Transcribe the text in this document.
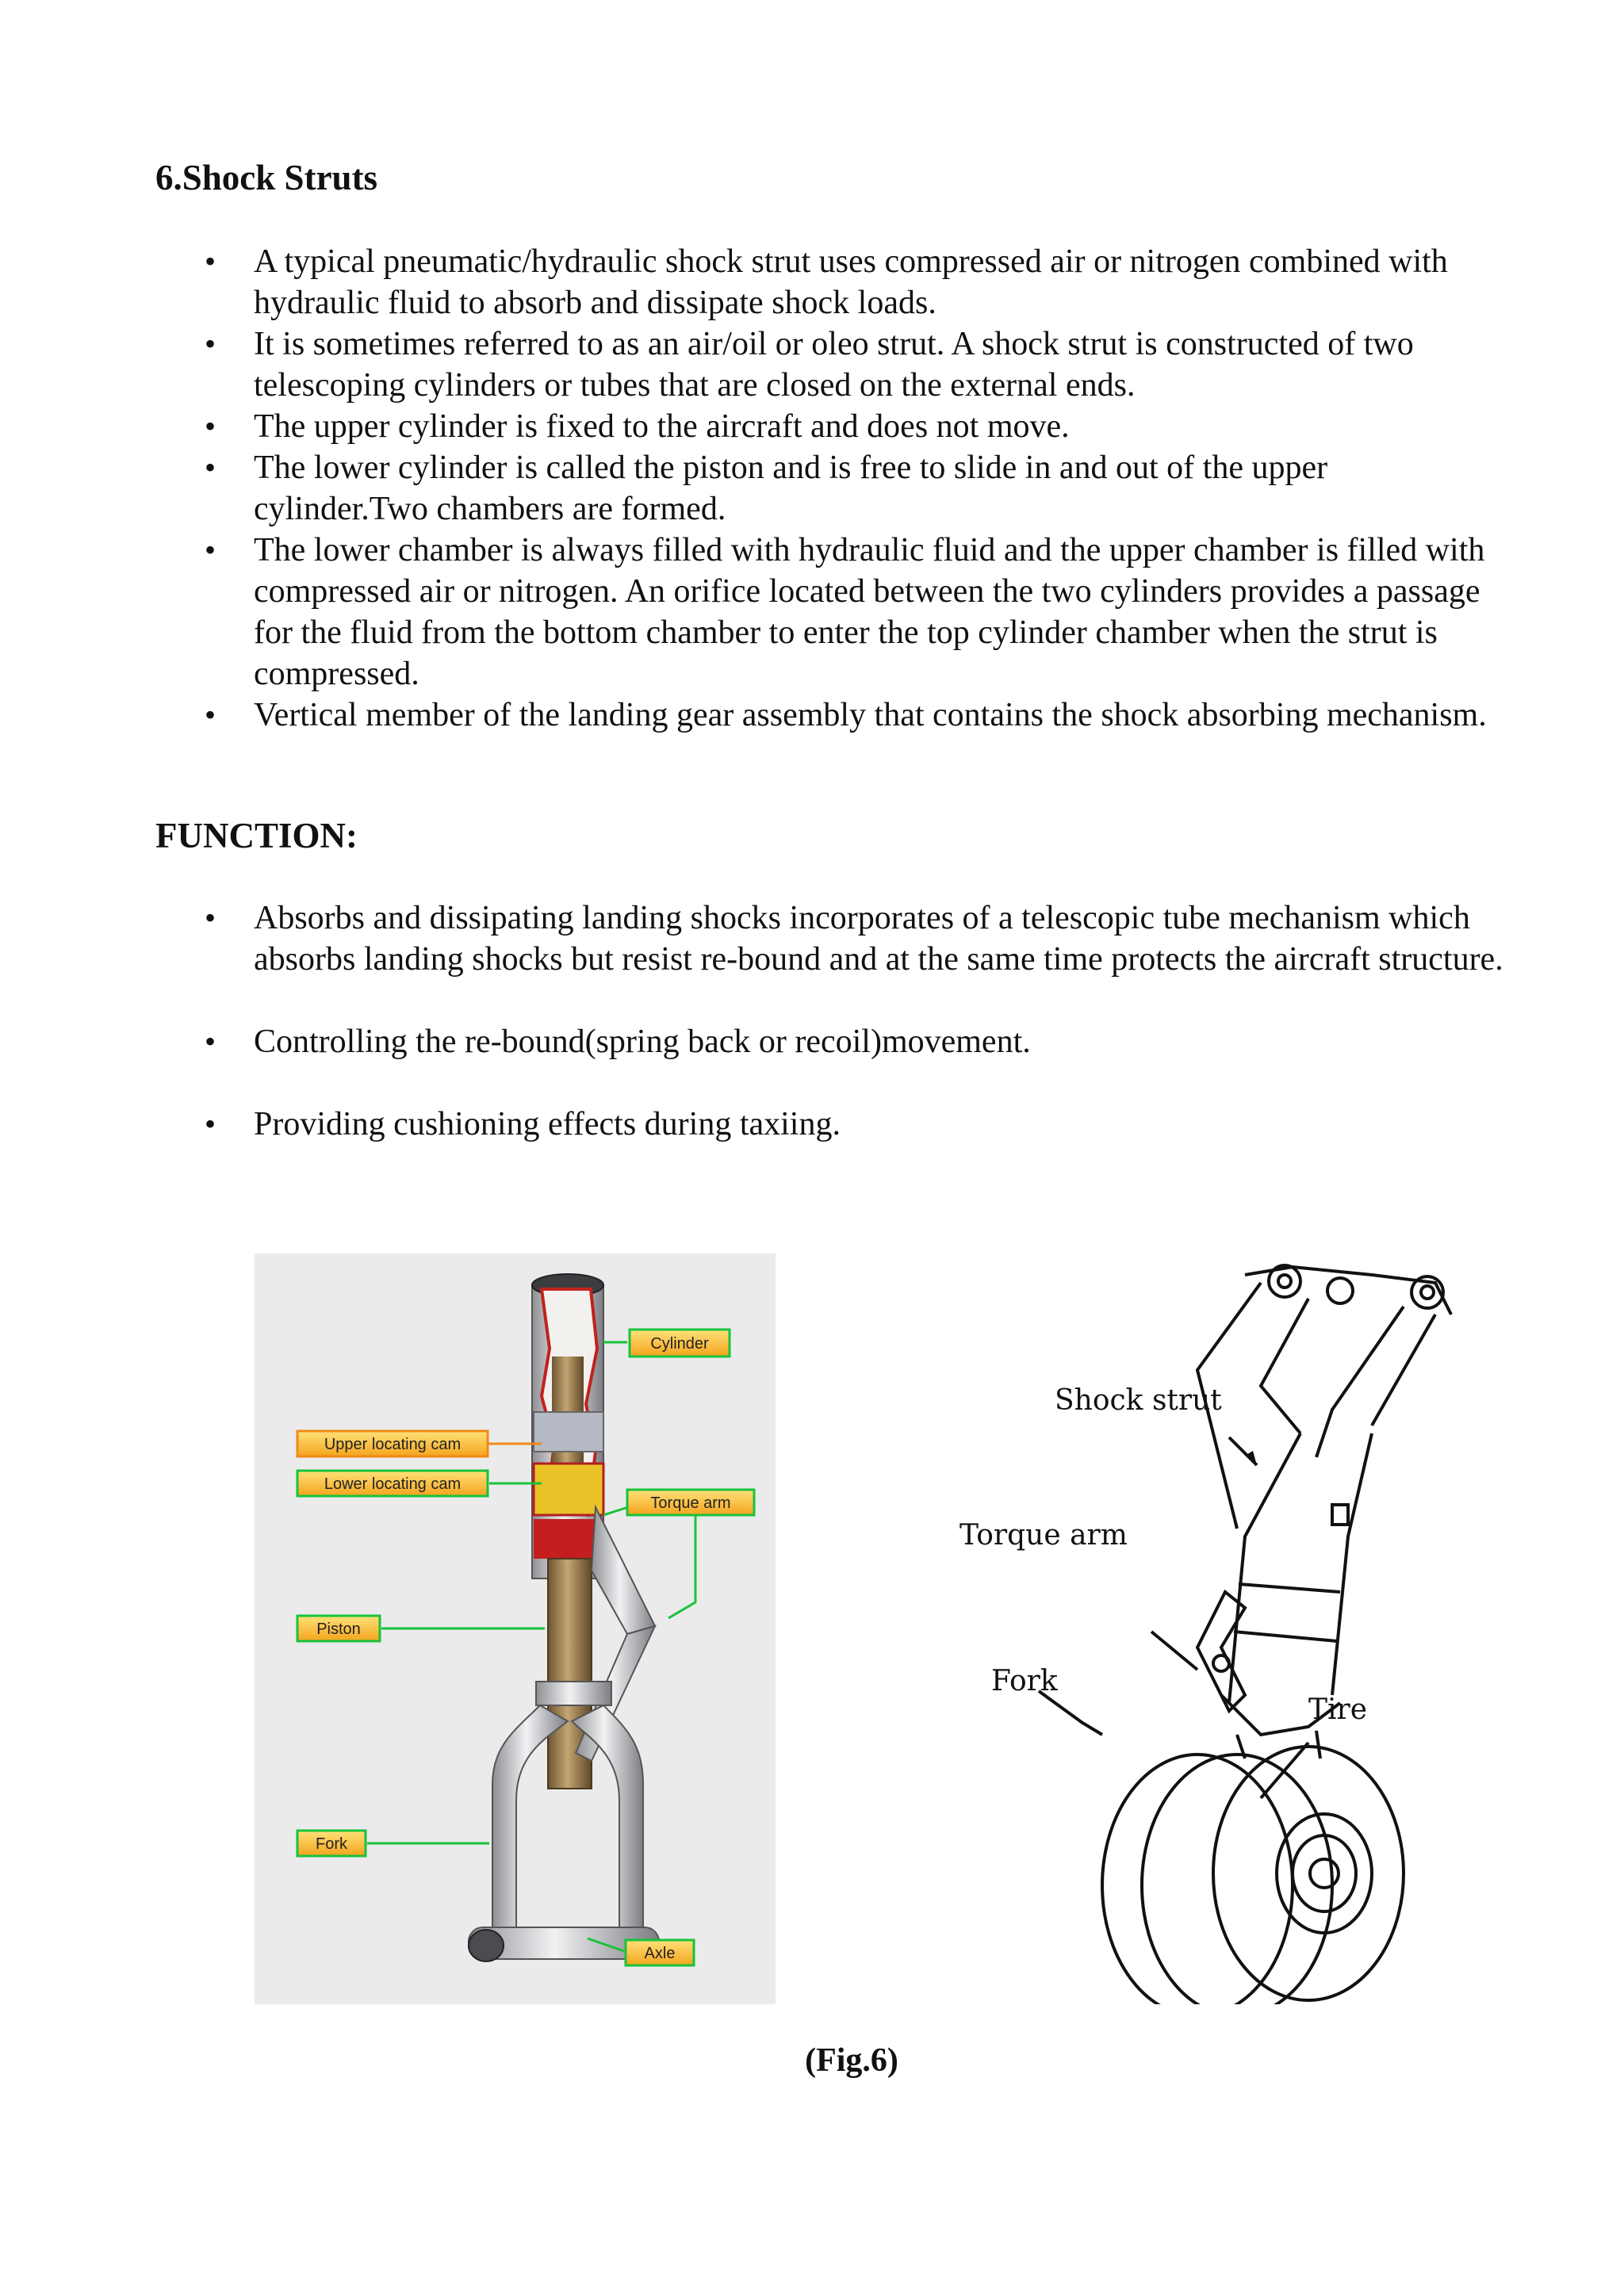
6.Shock Struts
• A typical pneumatic/hydraulic shock strut uses compressed air or nitrogen combined with hydraulic fluid to absorb and dissipate shock loads.
• It is sometimes referred to as an air/oil or oleo strut. A shock strut is constructed of two telescoping cylinders or tubes that are closed on the external ends.
• The upper cylinder is fixed to the aircraft and does not move.
• The lower cylinder is called the piston and is free to slide in and out of the upper cylinder.Two chambers are formed.
• The lower chamber is always filled with hydraulic fluid and the upper chamber is filled with compressed air or nitrogen. An orifice located between the two cylinders provides a passage for the fluid from the bottom chamber to enter the top cylinder chamber when the strut is compressed.
• Vertical member of the landing gear assembly that contains the shock absorbing mechanism.
FUNCTION:
• Absorbs and dissipating landing shocks incorporates of a telescopic tube mechanism which absorbs landing shocks but resist re-bound and at the same time protects the aircraft structure.
• Controlling the re-bound(spring back or recoil)movement.
• Providing cushioning effects during taxiing.
Cylinder
Upper locating cam
Lower locating cam
Torque arm
Piston
Fork
Axle
Shock strut
Torque arm
Fork
Tire
(Fig.6)
